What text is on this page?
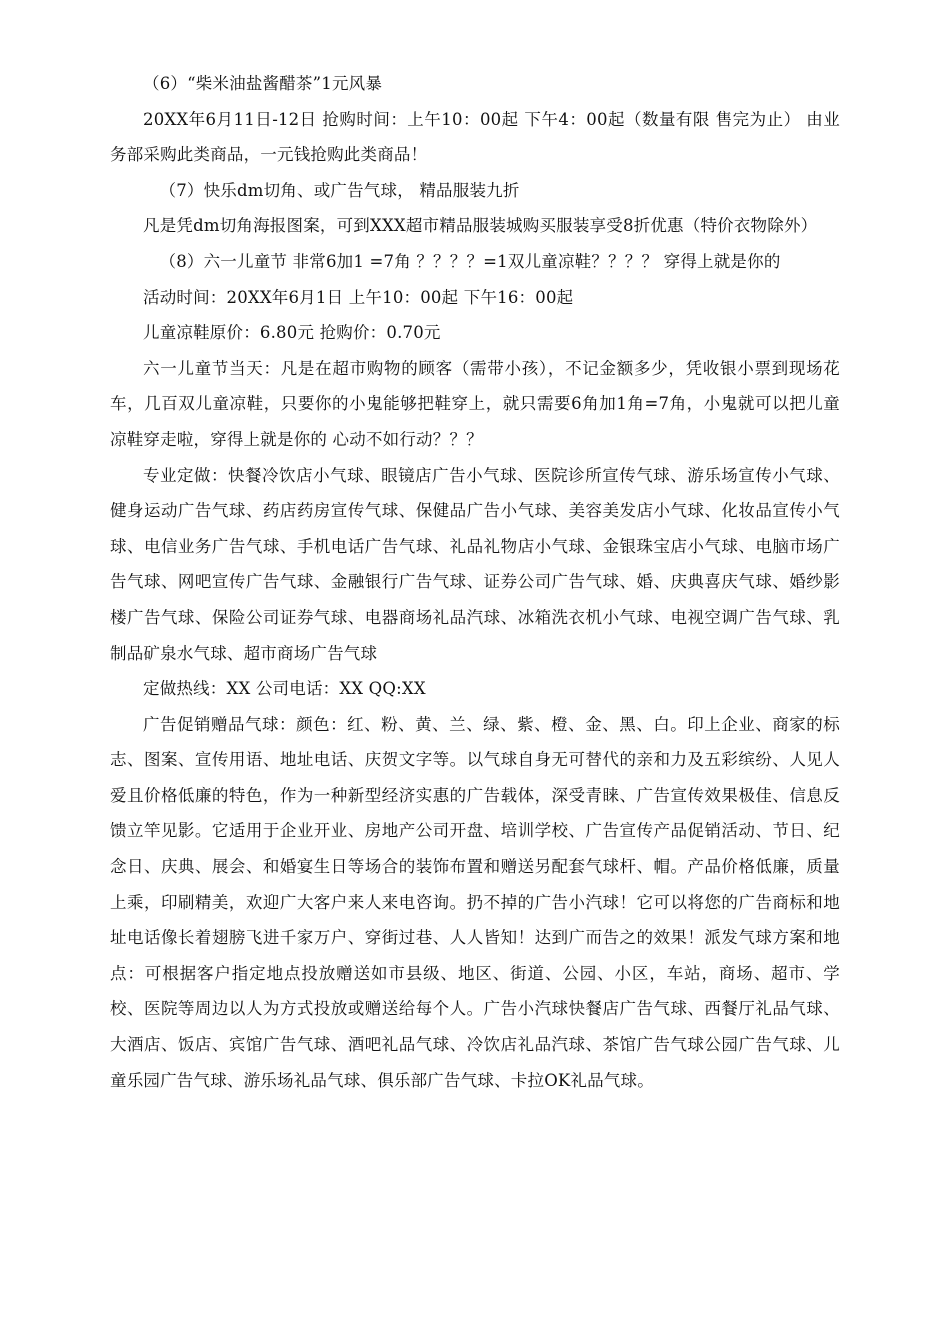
（6）“柴米油盐酱醋茶”1元风暴

20XX年6月11日-12日 抢购时间：上午10：00起 下午4：00起（数量有限 售完为止） 由业务部采购此类商品，一元钱抢购此类商品！

（7）快乐dm切角、或广告气球， 精品服装九折

凡是凭dm切角海报图案，可到XXX超市精品服装城购买服装享受8折优惠（特价衣物除外）

（8）六一儿童节 非常6加1 =7角 ？？？？=1双儿童凉鞋？？？？ 穿得上就是你的

活动时间：20XX年6月1日 上午10：00起 下午16：00起

儿童凉鞋原价：6.80元 抢购价：0.70元

六一儿童节当天：凡是在超市购物的顾客（需带小孩），不记金额多少，凭收银小票到现场花车，几百双儿童凉鞋，只要你的小鬼能够把鞋穿上，就只需要6角加1角=7角，小鬼就可以把儿童凉鞋穿走啦，穿得上就是你的 心动不如行动？？？

专业定做：快餐冷饮店小气球、眼镜店广告小气球、医院诊所宣传气球、游乐场宣传小气球、健身运动广告气球、药店药房宣传气球、保健品广告小气球、美容美发店小气球、化妆品宣传小气球、电信业务广告气球、手机电话广告气球、礼品礼物店小气球、金银珠宝店小气球、电脑市场广告气球、网吧宣传广告气球、金融银行广告气球、证券公司广告气球、婚、庆典喜庆气球、婚纱影楼广告气球、保险公司证券气球、电器商场礼品汽球、冰箱洗衣机小气球、电视空调广告气球、乳制品矿泉水气球、超市商场广告气球

定做热线：XX 公司电话：XX QQ:XX

广告促销赠品气球：颜色：红、粉、黄、兰、绿、紫、橙、金、黑、白。印上企业、商家的标志、图案、宣传用语、地址电话、庆贺文字等。以气球自身无可替代的亲和力及五彩缤纷、人见人爱且价格低廉的特色，作为一种新型经济实惠的广告载体，深受青睐、广告宣传效果极佳、信息反馈立竿见影。它适用于企业开业、房地产公司开盘、培训学校、广告宣传产品促销活动、节日、纪念日、庆典、展会、和婚宴生日等场合的装饰布置和赠送另配套气球杆、帽。产品价格低廉，质量上乘，印刷精美，欢迎广大客户来人来电咨询。扔不掉的广告小汽球！它可以将您的广告商标和地址电话像长着翅膀飞进千家万户、穿街过巷、人人皆知！达到广而告之的效果！派发气球方案和地点：可根据客户指定地点投放赠送如市县级、地区、街道、公园、小区，车站，商场、超市、学校、医院等周边以人为方式投放或赠送给每个人。广告小汽球快餐店广告气球、西餐厅礼品气球、大酒店、饭店、宾馆广告气球、酒吧礼品气球、冷饮店礼品汽球、茶馆广告气球公园广告气球、儿童乐园广告气球、游乐场礼品气球、俱乐部广告气球、卡拉OK礼品气球。
